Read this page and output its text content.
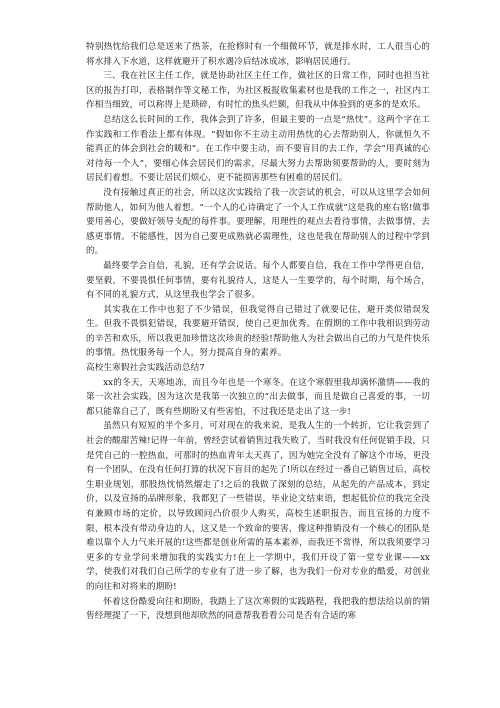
特别热忱给我们总是送来了热茶，在抢修时有一个细微环节，就是排水时，工人很当心的将水排入下水道，这样就避开了积水遇冷后结冰成冰，影响居民通行。

三、我在社区主任工作，就是协助社区主任工作，做社区的日常工作，同时也担当社区的报告打印，表格制作等文秘工作，为社区板报收集素材也是我的工作之一，社区内工作相当细致，可以称得上是琐碎，有时忙的焦头烂额，但我从中体验到的更多的是欢乐。

总结这么长时间的工作，我体会到了许多，但最主要的一点是“热忱”。这两个字在工作实践和工作看法上都有体现。“假如你不主动主动用热忱的心去帮助别人，你就恒久不能真正的体会到社会的暖和”。在工作中要主动，而不要盲目的去工作，学会“用真诚的心对待每一个人”，要细心体会居民们的需求，尽最大努力去帮助须要帮助的人，要时刻为居民们着想。不要让居民们烦心，更不能损害那些有困难的居民们。

没有接触过真正的社会，所以这次实践给了我一次尝试的机会，可以从这里学会如何帮助他人，如何为他人着想。“一个人的心诗确定了一个人工作成就”这是我的座右铭!做事要用善心，要做好领导支配的每件事。要理解，用理性的观点去看待事情，去做事情，去感更事情。不能感性，因为自己要更成熟就必需理性，这也是我在帮助别人的过程中学到的。

最终要学会自信，礼貌，还有学会说话。每个人都要自信，我在工作中学得更自信，要坚毅，不要畏惧任何事情，要有礼貌待人，这是人一生要学的，每个时期，每个场合，有不同的礼貌方式，从这里我也学会了很多。

其实我在工作中也犯了不少错误，但我觉得自己错过了就要记住，避开类似错误发生。但我不畏惧犯错误，我要避开错误，使自己更加优秀。在假期的工作中我相识到劳动的辛苦和欢乐，所以我更加珍惜这次珍贵的经验!帮助他人为社会做出自己的力气是件快乐的事情。热忱服务每一个人，努力提高自身的素养。

高校生寒假社会实践活动总结7

xx的冬天，天寒地冻，而且今年也是一个寒冬。在这个寒假里我却满怀激情——我的第一次社会实践，因为这次是我第一次独立的“出去做事，而且是做自己喜爱的事，一切都只能靠自己了，既有些期盼又有些害怕，不过我还是走出了这一步!

虽然只有短短的半个多月，可对现在的我来说，是我人生的一个转折，它让我尝到了社会的酸甜苦辣!记得一年前，曾经尝试着销售过我失败了，当时我没有任何促销手段，只是凭自己的一腔热血，可那时的热血青年太天真了，因为她完全没有了解这个市场，更没有一个团队，在没有任何打算的状况下盲目的起先了!所以在经过一番自己销售过后，高校生职业规划，那股热忱悄然熘走了!之后的我做了深刻的总结，从起先的产品成本，到定价，以及宣扬的品牌形象，我都犯了一些错误，毕业论文结束语，想起低价位的我完全没有兼顾市场的定价，以导致顾问凸价很少人购买，高校生述职报告，而且宣扬的力度不限，根本没有带动身边的人，这又是一个致命的要害，像这种推销没有一个核心的团队是难以靠个人力气来开展的!这些都是创业所需的基本素养，而我还不常得，所以我须要学习更多的专业学问来增加我的实践实力!在上一学期中，我们开设了第一堂专业课——xx学，使我们对我们自己所学的专业有了进一步了解，也为我们一份对专业的酷爱，对创业的向往和对将来的期盼!

怀着这份酷爱向往和期盼，我踏上了这次寒假的实践路程，我把我的想法给以前的销售经理提了一下，没想到他却欣然的同意帮我看看公司是否有合适的寒
